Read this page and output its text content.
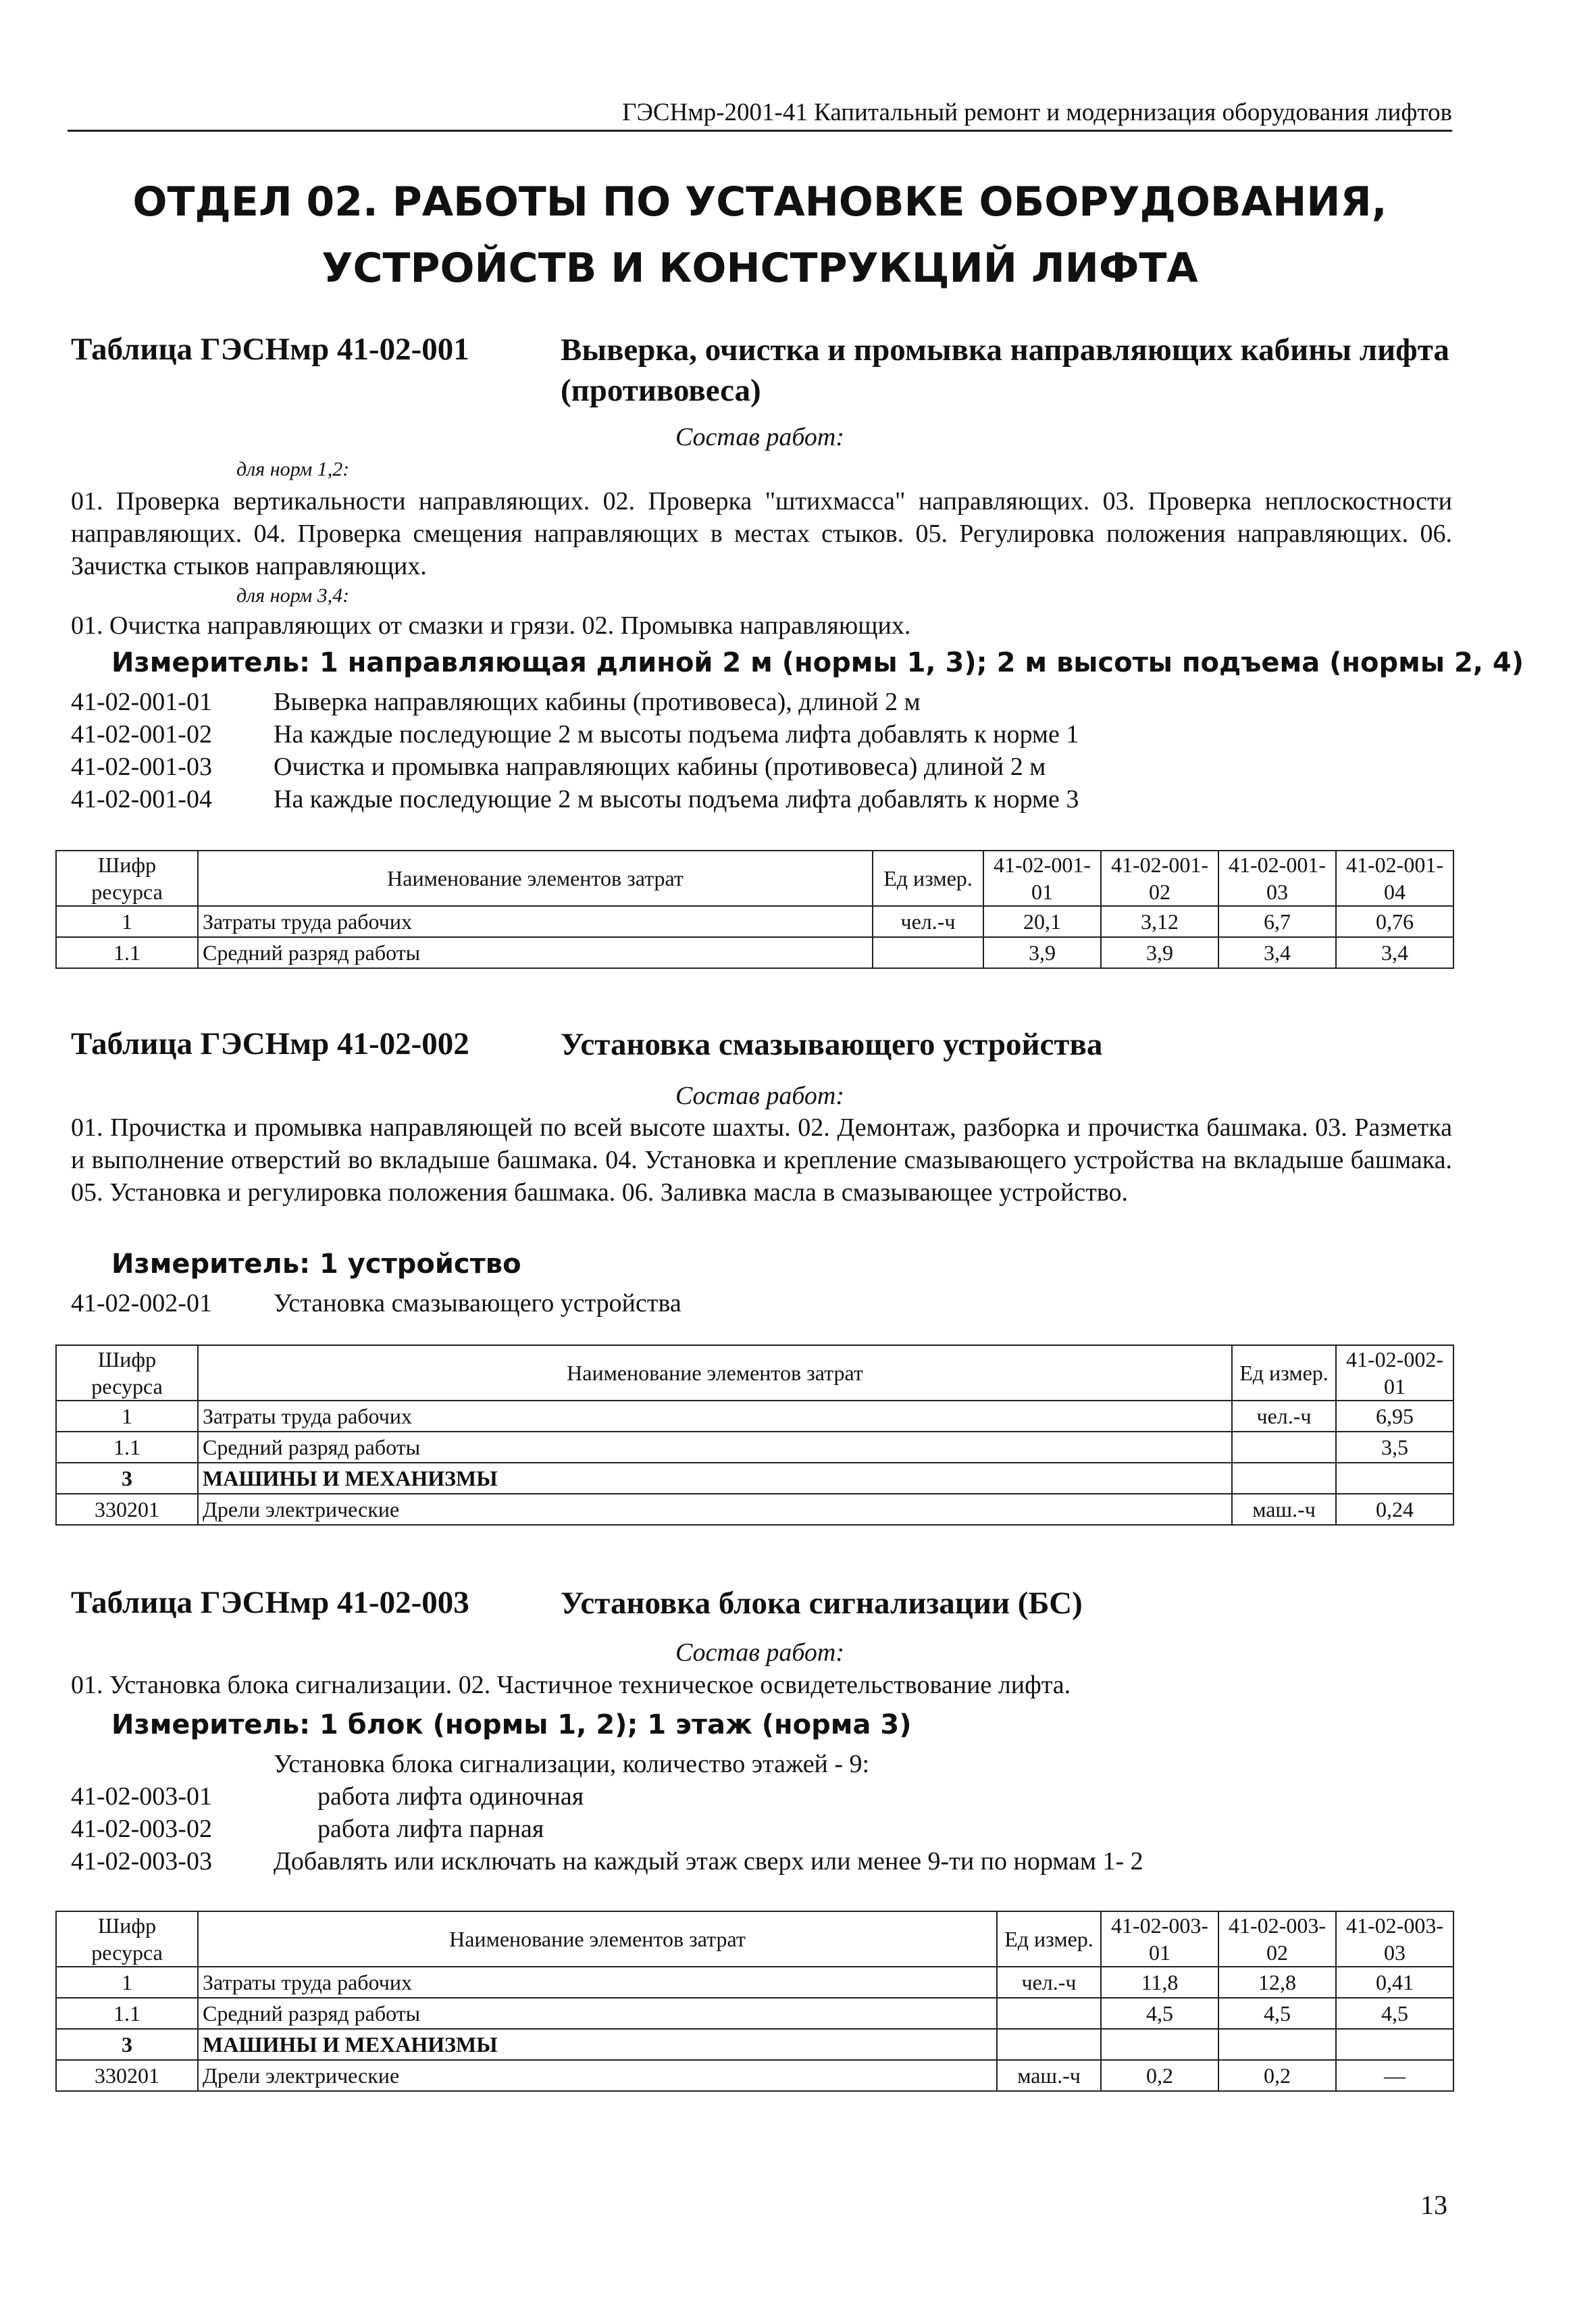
ГЭСНмр-2001-41 Капитальный ремонт и модернизация оборудования лифтов
ОТДЕЛ 02. РАБОТЫ ПО УСТАНОВКЕ ОБОРУДОВАНИЯ,
УСТРОЙСТВ И КОНСТРУКЦИЙ ЛИФТА
Таблица ГЭСНмр 41-02-001	Выверка, очистка и промывка направляющих кабины лифта (противовеса)
Состав работ:
для норм 1,2:
01. Проверка вертикальности направляющих. 02. Проверка "штихмасса" направляющих. 03. Проверка неплоскостности направляющих. 04. Проверка смещения направляющих в местах стыков. 05. Регулировка положения направляющих. 06. Зачистка стыков направляющих.
для норм 3,4:
01. Очистка направляющих от смазки и грязи. 02. Промывка направляющих.
Измеритель: 1 направляющая длиной 2 м (нормы 1, 3); 2 м высоты подъема (нормы 2, 4)
41-02-001-01 Выверка направляющих кабины (противовеса), длиной 2 м
41-02-001-02 На каждые последующие 2 м высоты подъема лифта добавлять к норме 1
41-02-001-03 Очистка и промывка направляющих кабины (противовеса) длиной 2 м
41-02-001-04 На каждые последующие 2 м высоты подъема лифта добавлять к норме 3
Шифр ресурса	Наименование элементов затрат	Ед измер.	41-02-001-01	41-02-001-02	41-02-001-03	41-02-001-04

1	Затраты труда рабочих	чел.-ч	20,1	3,12	6,7	0,76
1.1	Средний разряд работы		3,9	3,9	3,4	3,4
Таблица ГЭСНмр 41-02-002	Установка смазывающего устройства
Состав работ:
01. Прочистка и промывка направляющей по всей высоте шахты. 02. Демонтаж, разборка и прочистка башмака. 03. Разметка и выполнение отверстий во вкладыше башмака. 04. Установка и крепление смазывающего устройства на вкладыше башмака. 05. Установка и регулировка положения башмака. 06. Заливка масла в смазывающее устройство.
Измеритель: 1 устройство
41-02-002-01 Установка смазывающего устройства
Шифр ресурса	Наименование элементов затрат	Ед измер.	41-02-002-01
1	Затраты труда рабочих	чел.-ч	6,95
1.1	Средний разряд работы		3,5
3	МАШИНЫ И МЕХАНИЗМЫ		
330201	Дрели электрические	маш.-ч	0,24
Таблица ГЭСНмр 41-02-003	Установка блока сигнализации (БС)
Состав работ:
01. Установка блока сигнализации. 02. Частичное техническое освидетельствование лифта.
Измеритель: 1 блок (нормы 1, 2); 1 этаж (норма 3)
Установка блока сигнализации, количество этажей - 9:
41-02-003-01	работа лифта одиночная
41-02-003-02	работа лифта парная
41-02-003-03 Добавлять или исключать на каждый этаж сверх или менее 9-ти по нормам 1- 2
Шифр ресурса	Наименование элементов затрат	Ед измер.	41-02-003-01	41-02-003-02	41-02-003-03
1	Затраты труда рабочих	чел.-ч	11,8	12,8	0,41
1.1	Средний разряд работы		4,5	4,5	4,5
3	МАШИНЫ И МЕХАНИЗМЫ				
330201	Дрели электрические	маш.-ч	0,2	0,2	—
13
